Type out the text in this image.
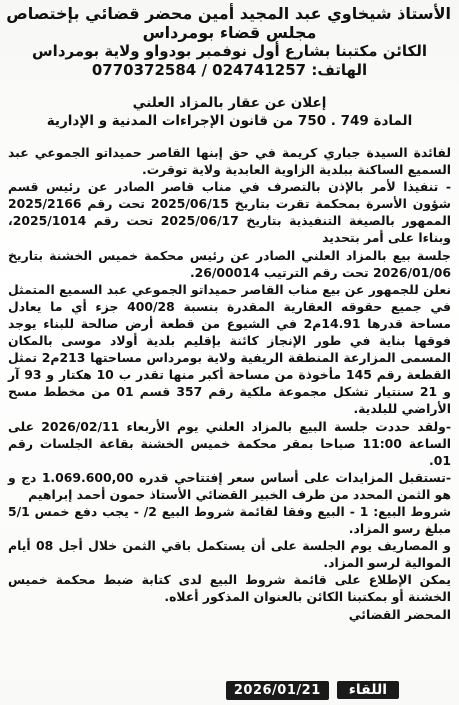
الأستاذ شيخاوي عبد المجيد أمين محضر قضائي بإختصاص
مجلس قضاء بومرداس
الكائن مكتبنا بشارع أول نوفمبر بودواو ولاية بومرداس
الهاتف: 024741257 / 0770372584
إعلان عن عقار بالمزاد العلني
المادة 749 . 750 من قانون الإجراءات المدنية و الإدارية

لفائدة السيدة جباري كريمة في حق إبنها القاصر حميداتو الجموعي عبد السميع الساكنة ببلدية الزاوية العابدية ولاية توقرت.

- تنفيذا لأمر بالإذن بالتصرف في مناب قاصر الصادر عن رئيس قسم شؤون الأسرة بمحكمة تقرت بتاريخ 2025/06/15 تحت رقم 2025/2166 الممهور بالصيغة التنفيذية بتاريخ 2025/06/17 تحت رقم 2025/1014، وبناءا على أمر بتحديد

جلسة بيع بالمزاد العلني الصادر عن رئيس محكمة خميس الخشنة بتاريخ 2026/01/06 تحت رقم الترتيب 26/00014.

نعلن للجمهور عن بيع مناب القاصر حميداتو الجموعي عبد السميع المتمثل في جميع حقوقه العقارية المقدرة بنسبة 400/28 جزء أي ما يعادل مساحة قدرها 14.91م2 في الشيوع من قطعة أرض صالحة للبناء يوجد فوقها بناية في طور الإنجاز كائنة بإقليم بلدية أولاد موسى بالمكان المسمى المزارعة المنطقة الريفية ولاية بومرداس مساحتها 213م2 تمثل القطعة رقم 145 مأخوذة من مساحة أكبر منها تقدر ب 10 هكتار و 93 آر و 21 سنتيار تشكل مجموعة ملكية رقم 357 قسم 01 من مخطط مسح الأراضي للبلدية.

-ولقد حددت جلسة البيع بالمزاد العلني يوم الأربعاء 2026/02/11 على الساعة 11:00 صباحا بمقر محكمة خميس الخشنة بقاعة الجلسات رقم 01.

-تستقبل المزايدات على أساس سعر إفتتاحي قدره 1.069.600,00 دج و هو الثمن المحدد من طرف الخبير القضائي الأستاذ حمون أحمد إبراهيم

شروط البيع: 1 - البيع وفقا لقائمة شروط البيع 2/ - يجب دفع خمس 5/1 مبلغ رسو المزاد.

و المصاريف يوم الجلسة على أن يستكمل باقي الثمن خلال أجل 08 أيام الموالية لرسو المزاد.

يمكن الإطلاع على قائمة شروط البيع لدى كتابة ضبط محكمة خميس الخشنة أو بمكتبنا الكائن بالعنوان المذكور أعلاه.

المحضر القضائي
2026/01/21	اللقاء
